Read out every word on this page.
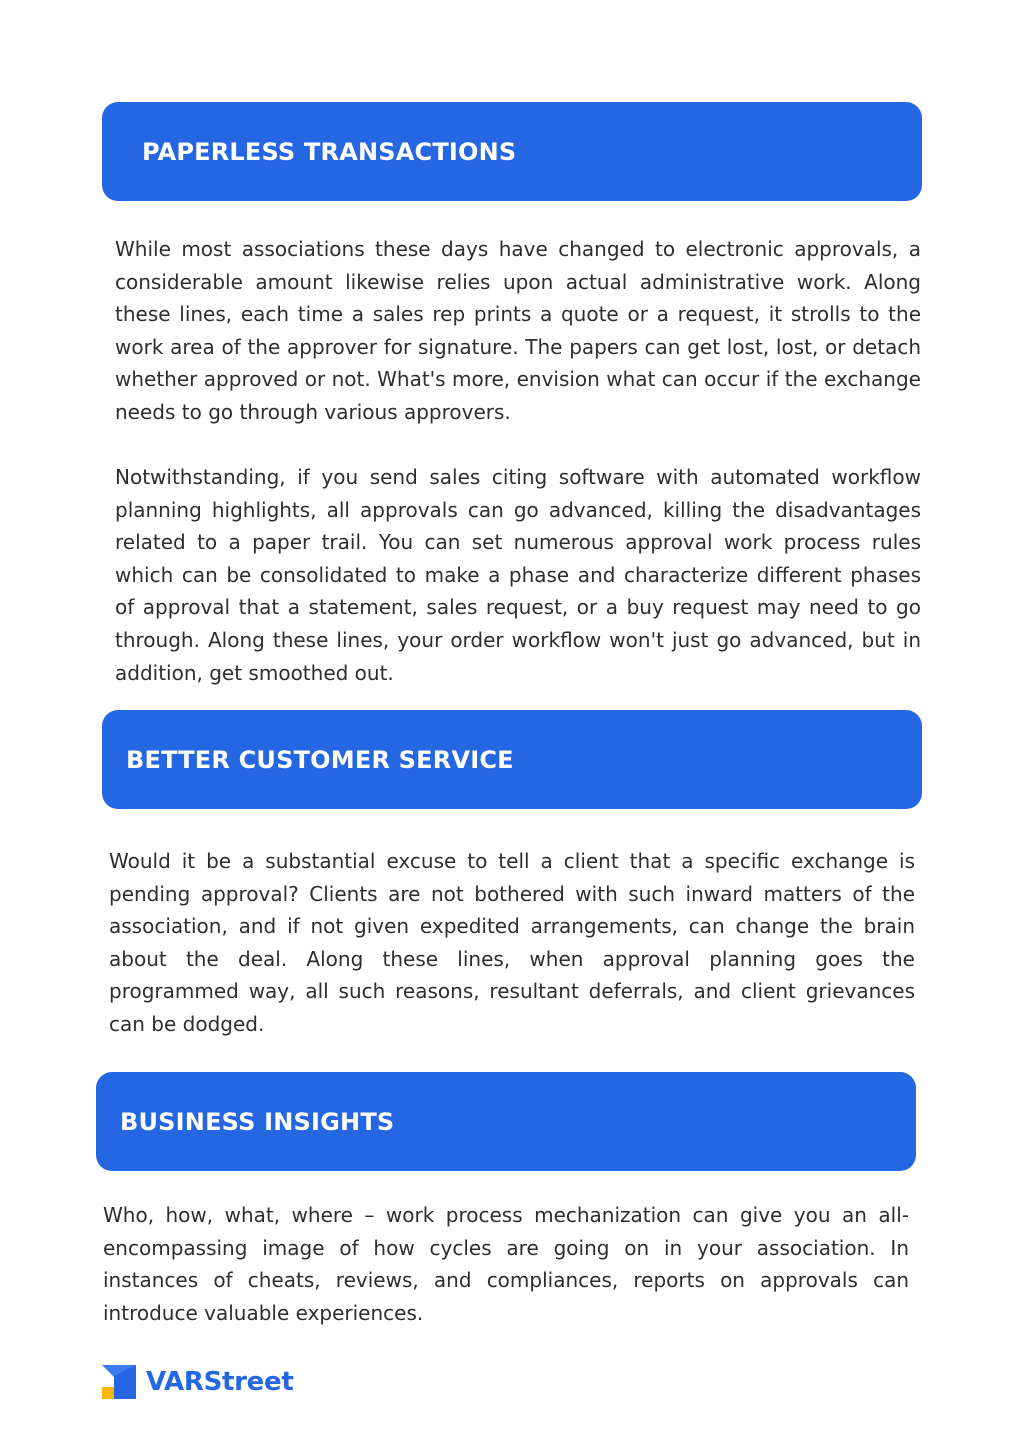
PAPERLESS TRANSACTIONS

While most associations these days have changed to electronic approvals, a considerable amount likewise relies upon actual administrative work. Along these lines, each time a sales rep prints a quote or a request, it strolls to the work area of the approver for signature. The papers can get lost, lost, or detach whether approved or not. What's more, envision what can occur if the exchange needs to go through various approvers.

Notwithstanding, if you send sales citing software with automated workflow planning highlights, all approvals can go advanced, killing the disadvantages related to a paper trail. You can set numerous approval work process rules which can be consolidated to make a phase and characterize different phases of approval that a statement, sales request, or a buy request may need to go through. Along these lines, your order workflow won't just go advanced, but in addition, get smoothed out.

BETTER CUSTOMER SERVICE

Would it be a substantial excuse to tell a client that a specific exchange is pending approval? Clients are not bothered with such inward matters of the association, and if not given expedited arrangements, can change the brain about the deal. Along these lines, when approval planning goes the programmed way, all such reasons, resultant deferrals, and client grievances can be dodged.

BUSINESS INSIGHTS

Who, how, what, where – work process mechanization can give you an all-encompassing image of how cycles are going on in your association. In instances of cheats, reviews, and compliances, reports on approvals can introduce valuable experiences.

VARStreet
